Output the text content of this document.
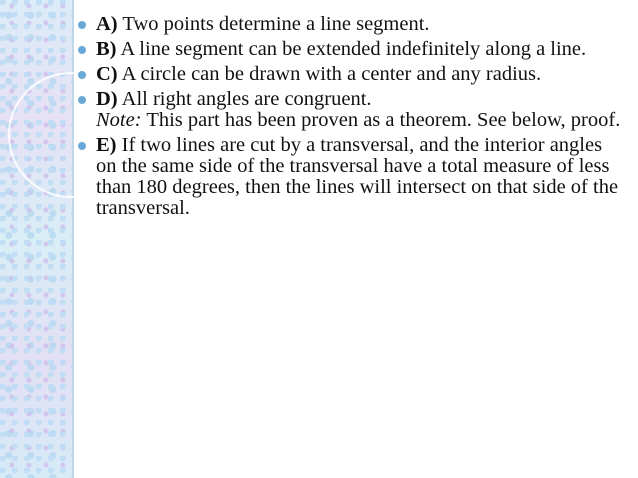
A) Two points determine a line segment.
B) A line segment can be extended indefinitely along a line.
C) A circle can be drawn with a center and any radius.
D) All right angles are congruent.
Note: This part has been proven as a theorem. See below, proof.
E) If two lines are cut by a transversal, and the interior angles on the same side of the transversal have a total measure of less than 180 degrees, then the lines will intersect on that side of the transversal.
